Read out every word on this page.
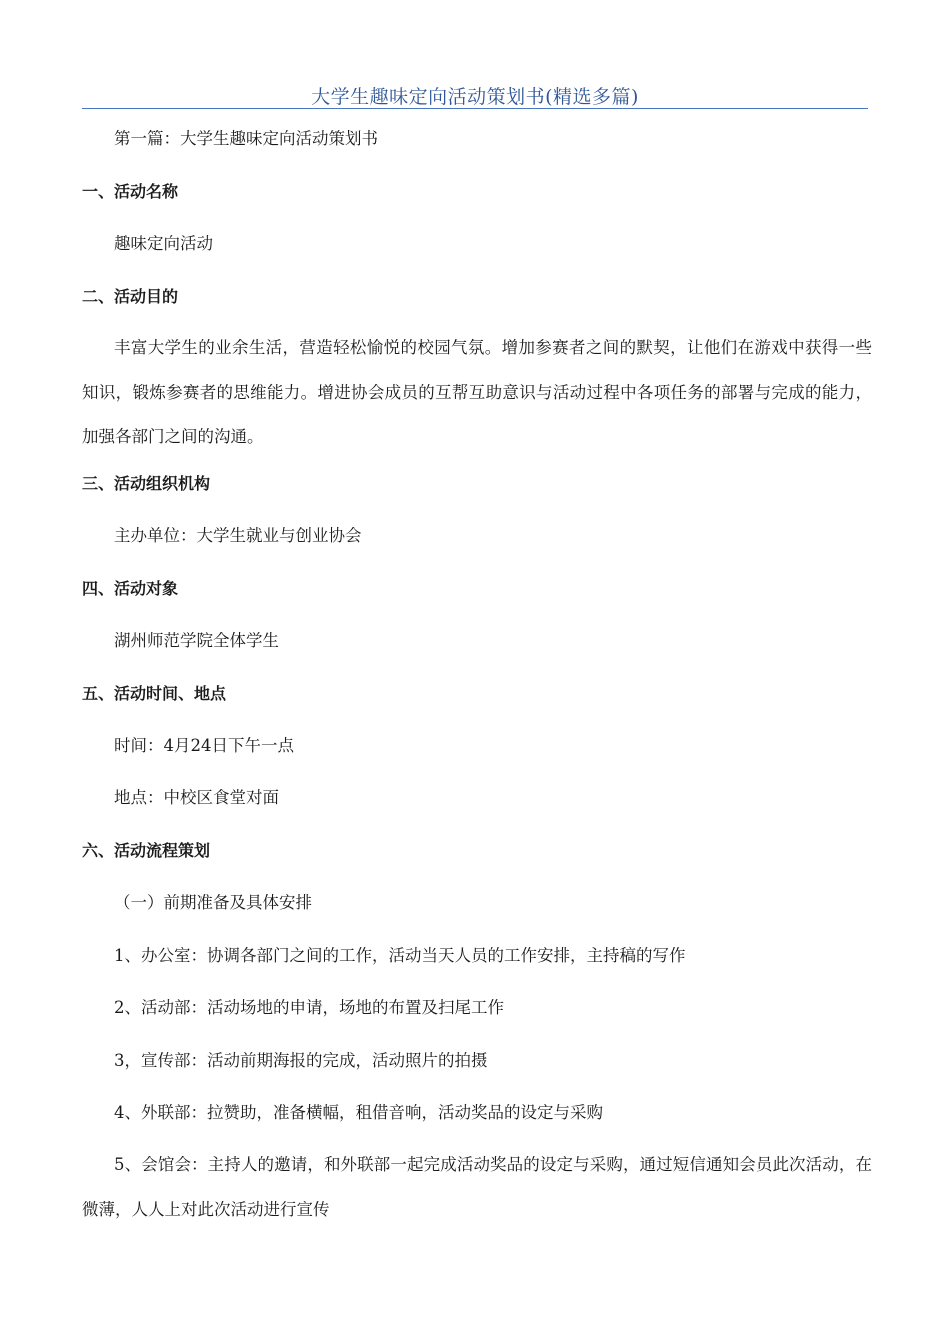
大学生趣味定向活动策划书(精选多篇)
第一篇：大学生趣味定向活动策划书
一、活动名称
趣味定向活动
二、活动目的
丰富大学生的业余生活，营造轻松愉悦的校园气氛。增加参赛者之间的默契，让他们在游戏中获得一些知识，锻炼参赛者的思维能力。增进协会成员的互帮互助意识与活动过程中各项任务的部署与完成的能力，加强各部门之间的沟通。
三、活动组织机构
主办单位：大学生就业与创业协会
四、活动对象
湖州师范学院全体学生
五、活动时间、地点
时间：4月24日下午一点
地点：中校区食堂对面
六、活动流程策划
（一）前期准备及具体安排
1、办公室：协调各部门之间的工作，活动当天人员的工作安排，主持稿的写作
2、活动部：活动场地的申请，场地的布置及扫尾工作
3，宣传部：活动前期海报的完成，活动照片的拍摄
4、外联部：拉赞助，准备横幅，租借音响，活动奖品的设定与采购
5、会馆会：主持人的邀请，和外联部一起完成活动奖品的设定与采购，通过短信通知会员此次活动，在微薄，人人上对此次活动进行宣传
